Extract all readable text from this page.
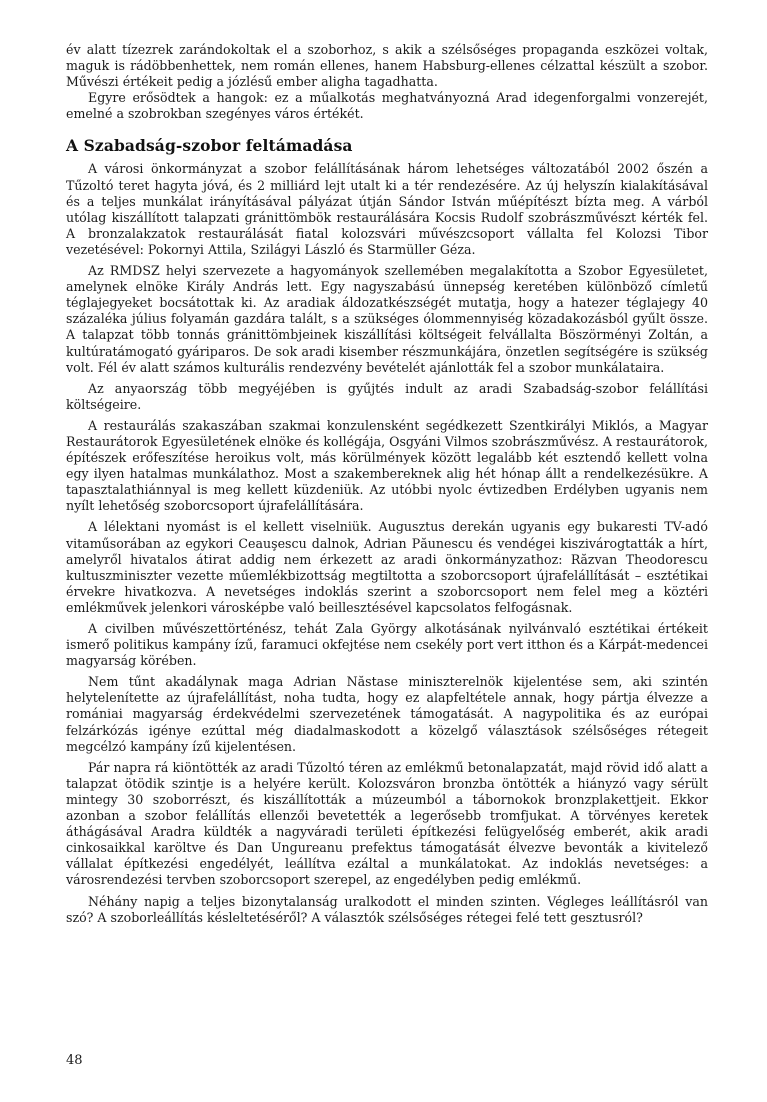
év alatt tízezrek zarándokoltak el a szoborhoz, s akik a szélsőséges propaganda eszközei voltak, maguk is rádöbbenhettek, nem román ellenes, hanem Habsburg-ellenes célzattal készült a szobor. Művészi értékeit pedig a józlésű ember aligha tagadhatta.

Egyre erősödtek a hangok: ez a műalkotás meghatványozná Arad idegenforgalmi vonzerejét, emelné a szobrokban szegényes város értékét.

A Szabadság-szobor feltámadása

A városi önkormányzat a szobor felállításának három lehetséges változatából 2002 őszén a Tűzoltó teret hagyta jóvá, és 2 milliárd lejt utalt ki a tér rendezésére. Az új helyszín kialakításával és a teljes munkálat irányításával pályázat útján Sándor István műépítészt bízta meg. A várból utólag kiszállított talapzati gránittömbök restaurálására Kocsis Rudolf szobrászművészt kérték fel. A bronzalakzatok restaurálását fiatal kolozsvári művészcsoport vállalta fel Kolozsi Tibor vezetésével: Pokornyi Attila, Szilágyi László és Starmüller Géza.

Az RMDSZ helyi szervezete a hagyományok szellemében megalakította a Szobor Egyesületet, amelynek elnöke Király András lett. Egy nagyszabású ünnepség keretében különböző címletű téglajegyeket bocsátottak ki. Az aradiak áldozatkészségét mutatja, hogy a hatezer téglajegy 40 százaléka július folyamán gazdára talált, s a szükséges ólommennyiség közadakozásból gyűlt össze. A talapzat több tonnás gránittömbjeinek kiszállítási költségeit felvállalta Böszörményi Zoltán, a kultúratámogató gyáriparos. De sok aradi kisember részmunkájára, önzetlen segítségére is szükség volt. Fél év alatt számos kulturális rendezvény bevételét ajánlották fel a szobor munkálataira.

Az anyaország több megyéjében is gyűjtés indult az aradi Szabadság-szobor felállítási költségeire.

A restaurálás szakaszában szakmai konzulensként segédkezett Szentkirályi Miklós, a Magyar Restaurátorok Egyesületének elnöke és kollégája, Osgyáni Vilmos szobrászművész. A restaurátorok, építészek erőfeszítése heroikus volt, más körülmények között legalább két esztendő kellett volna egy ilyen hatalmas munkálathoz. Most a szakembereknek alig hét hónap állt a rendelkezésükre. A tapasztalathiánnyal is meg kellett küzdeniük. Az utóbbi nyolc évtizedben Erdélyben ugyanis nem nyílt lehetőség szoborcsoport újrafelállítására.

A lélektani nyomást is el kellett viselniük. Augusztus derekán ugyanis egy bukaresti TV-adó vitaműsorában az egykori Ceauşescu dalnok, Adrian Păunescu és vendégei kiszivárogtatták a hírt, amelyről hivatalos átirat addig nem érkezett az aradi önkormányzathoz: Răzvan Theodorescu kultuszminiszter vezette műemlékbizottság megtiltotta a szoborcsoport újrafelállítását – esztétikai érvekre hivatkozva. A nevetséges indoklás szerint a szoborcsoport nem felel meg a köztéri emlékművek jelenkori városképbe való beillesztésével kapcsolatos felfogásnak.

A civilben művészettörténész, tehát Zala György alkotásának nyilvánvaló esztétikai értékeit ismerő politikus kampány ízű, faramuci okfejtése nem csekély port vert itthon és a Kárpát-medencei magyarság körében.

Nem tűnt akadálynak maga Adrian Năstase miniszterelnök kijelentése sem, aki szintén helytelenítette az újrafelállítást, noha tudta, hogy ez alapfeltétele annak, hogy pártja élvezze a romániai magyarság érdekvédelmi szervezetének támogatását. A nagypolitika és az európai felzárkózás igénye ezúttal még diadalmaskodott a közelgő választások szélsőséges rétegeit megcélzó kampány ízű kijelentésen.

Pár napra rá kiöntötték az aradi Tűzoltó téren az emlékmű betonalapzatát, majd rövid idő alatt a talapzat ötödik szintje is a helyére került. Kolozsváron bronzba öntötték a hiányzó vagy sérült mintegy 30 szoborrészt, és kiszállították a múzeumból a tábornokok bronzplakettjeit. Ekkor azonban a szobor felállítás ellenzői bevetették a legerősebb tromfjukat. A törvényes keretek áthágásával Aradra küldték a nagyváradi területi építkezési felügyelőség emberét, akik aradi cinkosaikkal karöltve és Dan Ungureanu prefektus támogatását élvezve bevonták a kivitelező vállalat építkezési engedélyét, leállítva ezáltal a munkálatokat. Az indoklás nevetséges: a városrendezési tervben szoborcsoport szerepel, az engedélyben pedig emlékmű.

Néhány napig a teljes bizonytalanság uralkodott el minden szinten. Végleges leállításról van szó? A szoborleállítás késleltetéséről? A választók szélsőséges rétegei felé tett gesztusról?

48
